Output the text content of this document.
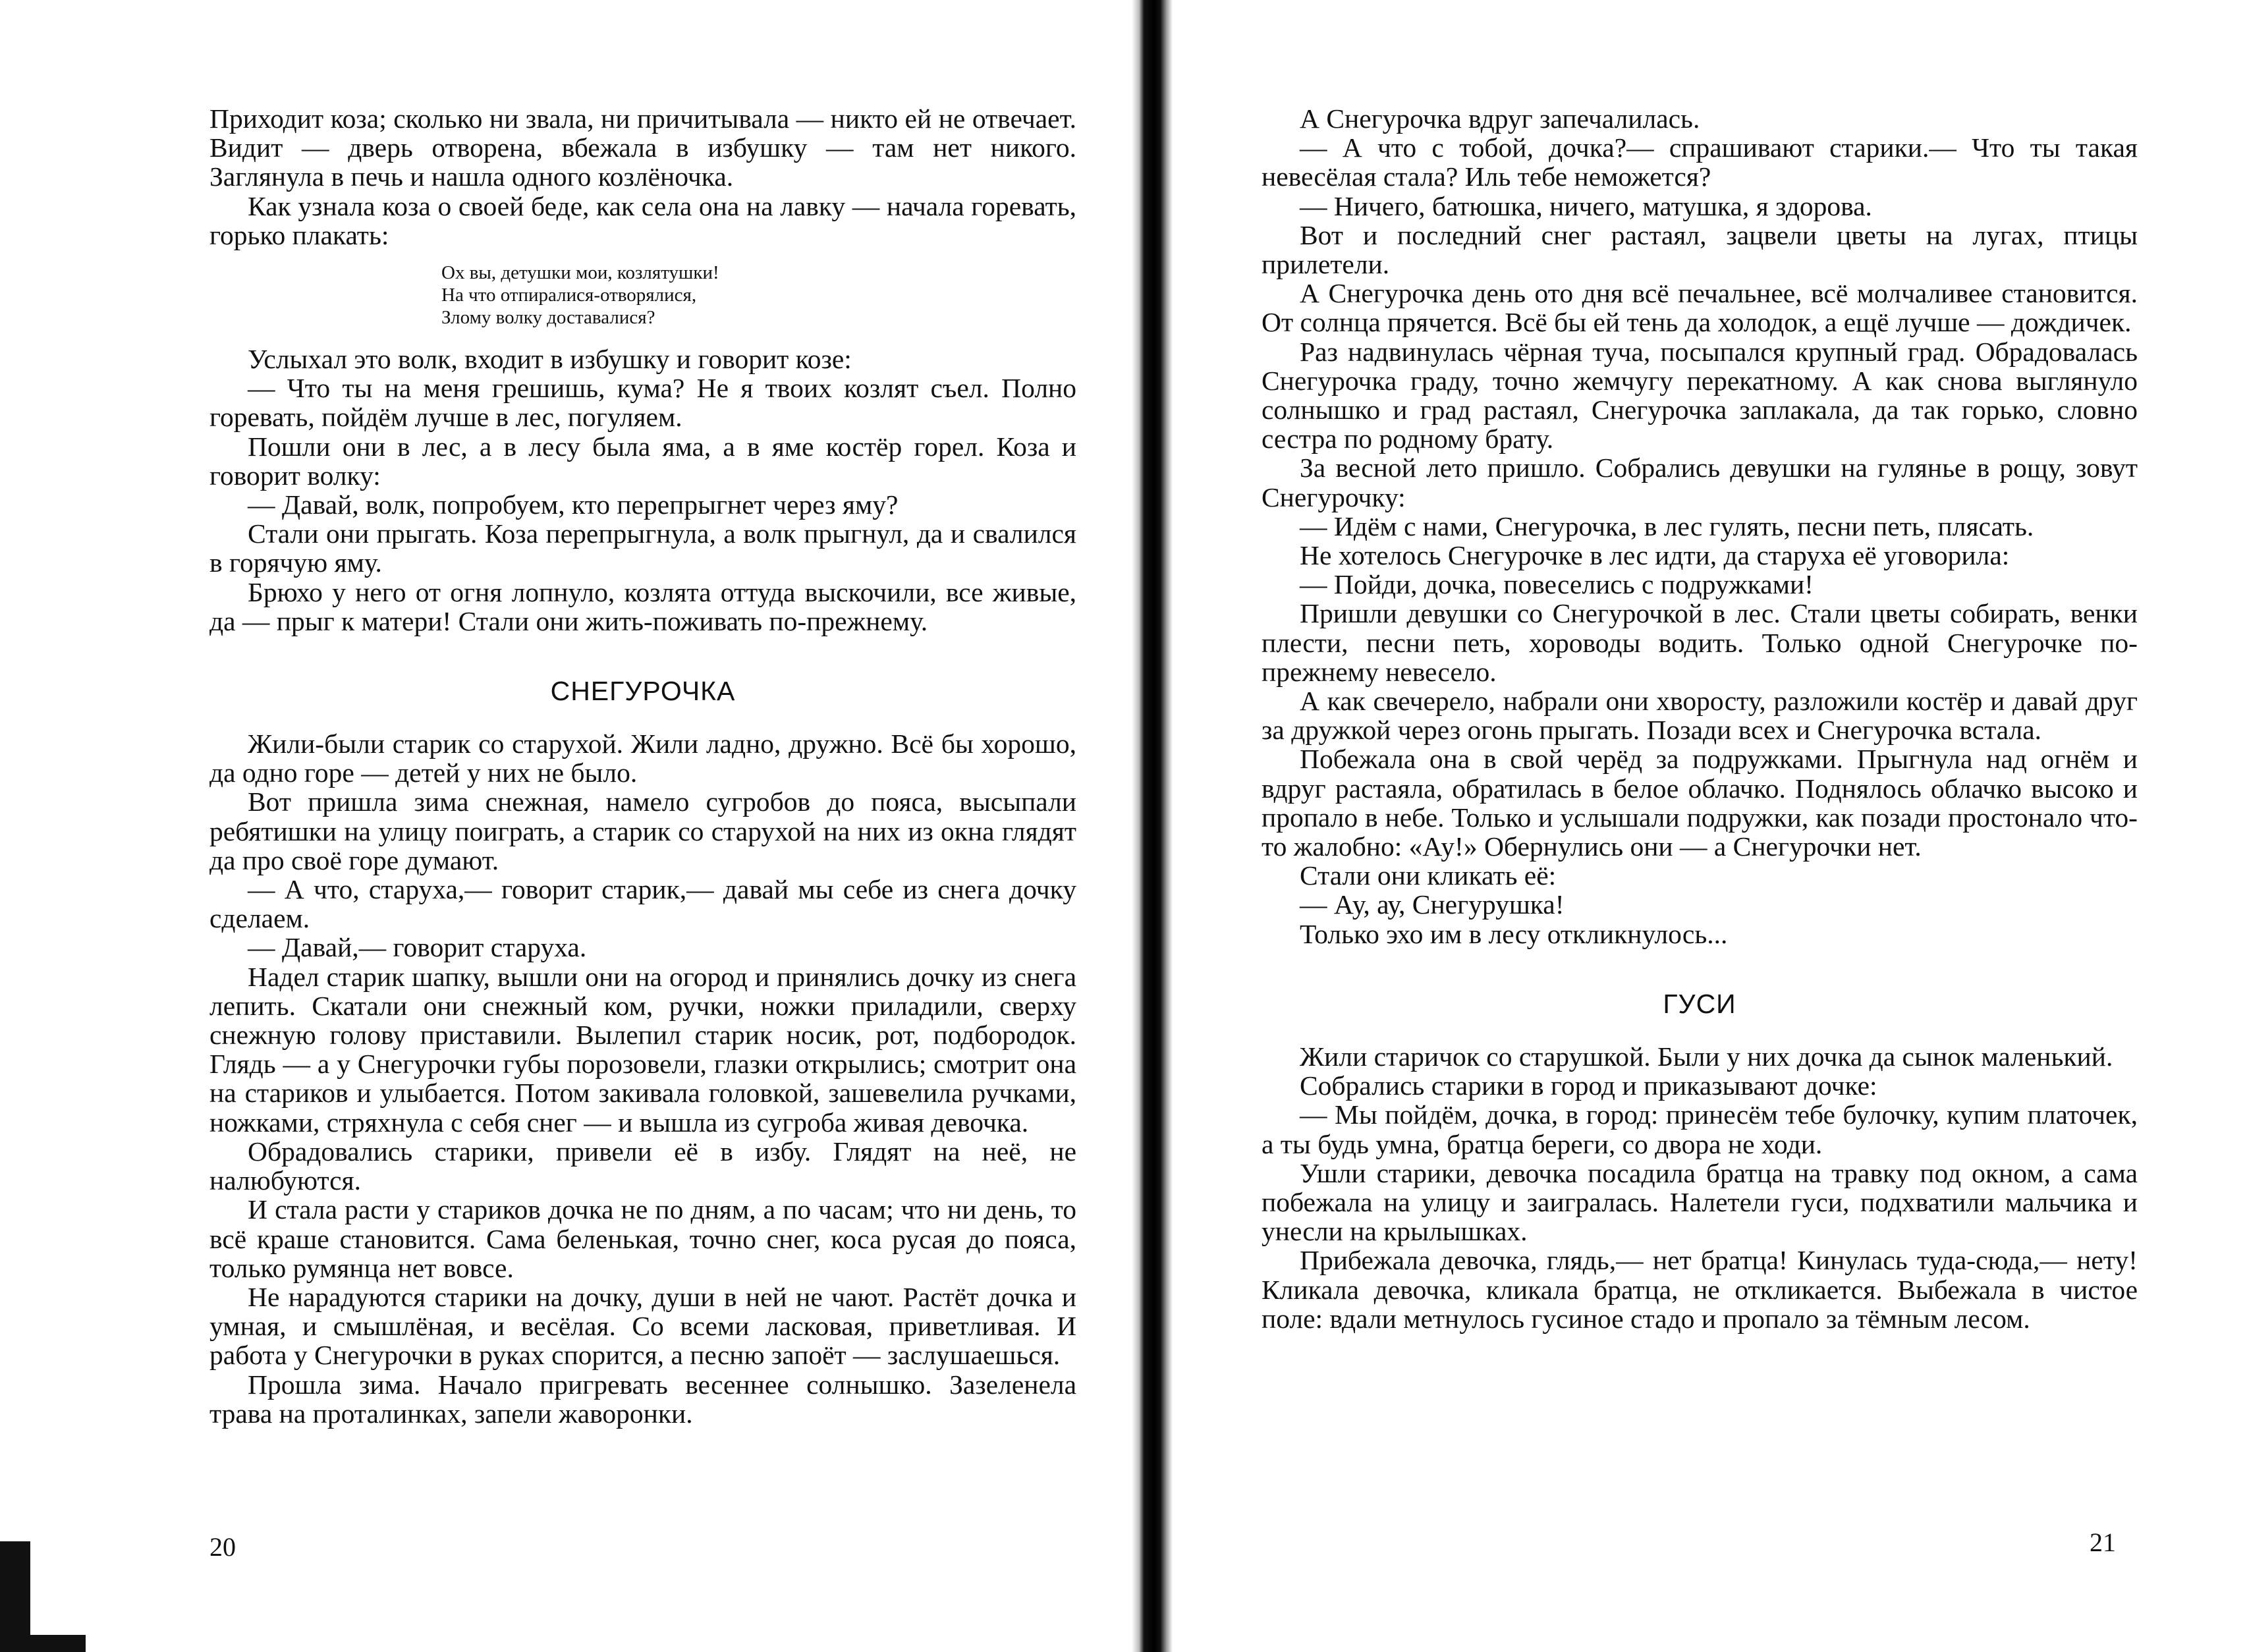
Приходит коза; сколько ни звала, ни причитывала — никто ей не отвечает. Видит — дверь отворена, вбежала в избушку — там нет никого. Заглянула в печь и нашла одного козлёночка.

Как узнала коза о своей беде, как села она на лавку — начала горевать, горько плакать:

Ох вы, детушки мои, козлятушки!
На что отпиралися-отворялися,
Злому волку доставалися?

Услыхал это волк, входит в избушку и говорит козе:

— Что ты на меня грешишь, кума? Не я твоих козлят съел. Полно горевать, пойдём лучше в лес, погуляем.

Пошли они в лес, а в лесу была яма, а в яме костёр горел. Коза и говорит волку:

— Давай, волк, попробуем, кто перепрыгнет через яму?

Стали они прыгать. Коза перепрыгнула, а волк прыгнул, да и свалился в горячую яму.

Брюхо у него от огня лопнуло, козлята оттуда выскочили, все живые, да — прыг к матери! Стали они жить-поживать по-прежнему.

СНЕГУРОЧКА

Жили-были старик со старухой. Жили ладно, дружно. Всё бы хорошо, да одно горе — детей у них не было.

Вот пришла зима снежная, намело сугробов до пояса, высыпали ребятишки на улицу поиграть, а старик со старухой на них из окна глядят да про своё горе думают.

— А что, старуха,— говорит старик,— давай мы себе из снега дочку сделаем.

— Давай,— говорит старуха.

Надел старик шапку, вышли они на огород и принялись дочку из снега лепить. Скатали они снежный ком, ручки, ножки приладили, сверху снежную голову приставили. Вылепил старик носик, рот, подбородок. Глядь — а у Снегурочки губы порозовели, глазки открылись; смотрит она на стариков и улыбается. Потом закивала головкой, зашевелила ручками, ножками, стряхнула с себя снег — и вышла из сугроба живая девочка.

Обрадовались старики, привели её в избу. Глядят на неё, не налюбуются.

И стала расти у стариков дочка не по дням, а по часам; что ни день, то всё краше становится. Сама беленькая, точно снег, коса русая до пояса, только румянца нет вовсе.

Не нарадуются старики на дочку, души в ней не чают. Растёт дочка и умная, и смышлёная, и весёлая. Со всеми ласковая, приветливая. И работа у Снегурочки в руках спорится, а песню запоёт — заслушаешься.

Прошла зима. Начало пригревать весеннее солнышко. Зазеленела трава на проталинках, запели жаворонки.

20

А Снегурочка вдруг запечалилась.

— А что с тобой, дочка?— спрашивают старики.— Что ты такая невесёлая стала? Иль тебе неможется?

— Ничего, батюшка, ничего, матушка, я здорова.

Вот и последний снег растаял, зацвели цветы на лугах, птицы прилетели.

А Снегурочка день ото дня всё печальнее, всё молчаливее становится. От солнца прячется. Всё бы ей тень да холодок, а ещё лучше — дождичек.

Раз надвинулась чёрная туча, посыпался крупный град. Обрадовалась Снегурочка граду, точно жемчугу перекатному. А как снова выглянуло солнышко и град растаял, Снегурочка заплакала, да так горько, словно сестра по родному брату.

За весной лето пришло. Собрались девушки на гулянье в рощу, зовут Снегурочку:

— Идём с нами, Снегурочка, в лес гулять, песни петь, плясать.

Не хотелось Снегурочке в лес идти, да старуха её уговорила:

— Пойди, дочка, повеселись с подружками!

Пришли девушки со Снегурочкой в лес. Стали цветы собирать, венки плести, песни петь, хороводы водить. Только одной Снегурочке по-прежнему невесело.

А как свечерело, набрали они хворосту, разложили костёр и давай друг за дружкой через огонь прыгать. Позади всех и Снегурочка встала.

Побежала она в свой черёд за подружками. Прыгнула над огнём и вдруг растаяла, обратилась в белое облачко. Поднялось облачко высоко и пропало в небе. Только и услышали подружки, как позади простонало что-то жалобно: «Ау!» Обернулись они — а Снегурочки нет.

Стали они кликать её:

— Ау, ау, Снегурушка!

Только эхо им в лесу откликнулось...

ГУСИ

Жили старичок со старушкой. Были у них дочка да сынок маленький.

Собрались старики в город и приказывают дочке:

— Мы пойдём, дочка, в город: принесём тебе булочку, купим платочек, а ты будь умна, братца береги, со двора не ходи.

Ушли старики, девочка посадила братца на травку под окном, а сама побежала на улицу и заигралась. Налетели гуси, подхватили мальчика и унесли на крылышках.

Прибежала девочка, глядь,— нет братца! Кинулась туда-сюда,— нету! Кликала девочка, кликала братца, не откликается. Выбежала в чистое поле: вдали метнулось гусиное стадо и пропало за тёмным лесом.

21
